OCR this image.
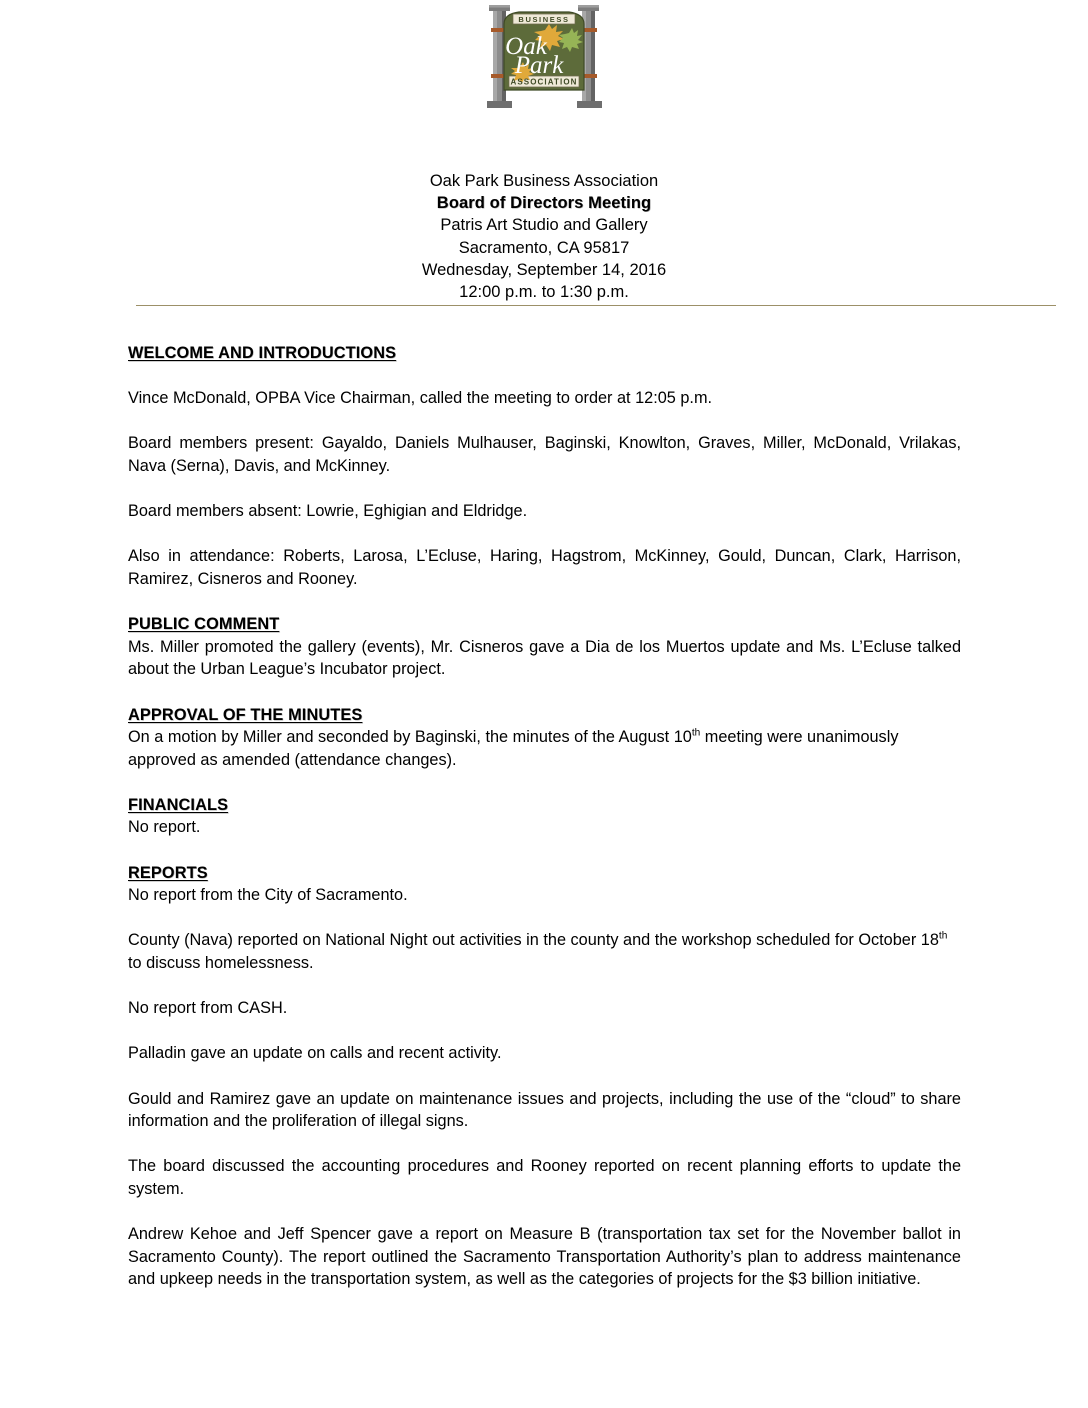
Oak
Park
BUSINESS
ASSOCIATION
Oak Park Business Association
Board of Directors Meeting
Patris Art Studio and Gallery
Sacramento, CA 95817
Wednesday, September 14, 2016
12:00 p.m. to 1:30 p.m.
WELCOME AND INTRODUCTIONS

Vince McDonald, OPBA Vice Chairman, called the meeting to order at 12:05 p.m.

Board members present: Gayaldo, Daniels Mulhauser, Baginski, Knowlton, Graves, Miller, McDonald, Vrilakas, Nava (Serna), Davis, and McKinney.

Board members absent: Lowrie, Eghigian and Eldridge.

Also in attendance: Roberts, Larosa, L’Ecluse, Haring, Hagstrom, McKinney, Gould, Duncan, Clark, Harrison, Ramirez, Cisneros and Rooney.

PUBLIC COMMENT

Ms. Miller promoted the gallery (events), Mr. Cisneros gave a Dia de los Muertos update and Ms. L’Ecluse talked about the Urban League’s Incubator project.

APPROVAL OF THE MINUTES

On a motion by Miller and seconded by Baginski, the minutes of the August 10th meeting were unanimously approved as amended (attendance changes).

FINANCIALS

No report.

REPORTS

No report from the City of Sacramento.

County (Nava) reported on National Night out activities in the county and the workshop scheduled for October 18th to discuss homelessness.

No report from CASH.

Palladin gave an update on calls and recent activity.

Gould and Ramirez gave an update on maintenance issues and projects, including the use of the “cloud” to share information and the proliferation of illegal signs.

The board discussed the accounting procedures and Rooney reported on recent planning efforts to update the system.

Andrew Kehoe and Jeff Spencer gave a report on Measure B (transportation tax set for the November ballot in Sacramento County). The report outlined the Sacramento Transportation Authority’s plan to address maintenance and upkeep needs in the transportation system, as well as the categories of projects for the $3 billion initiative.
